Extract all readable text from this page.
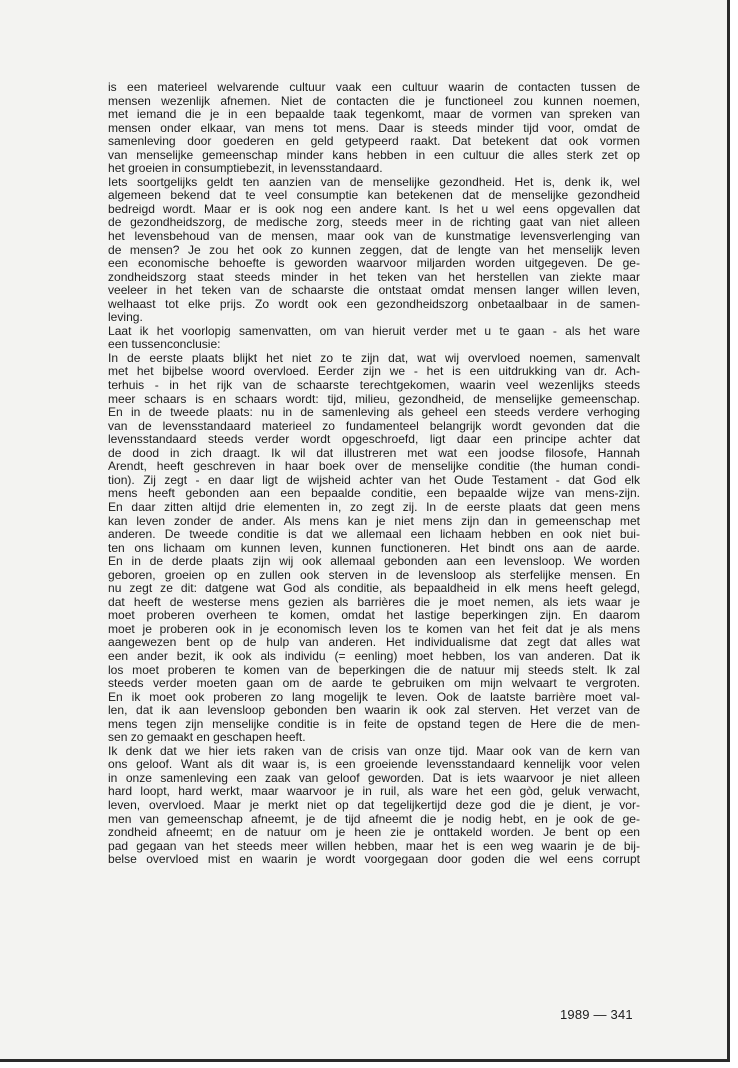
is een materieel welvarende cultuur vaak een cultuur waarin de contacten tussen de
mensen wezenlijk afnemen. Niet de contacten die je functioneel zou kunnen noemen,
met iemand die je in een bepaalde taak tegenkomt, maar de vormen van spreken van
mensen onder elkaar, van mens tot mens. Daar is steeds minder tijd voor, omdat de
samenleving door goederen en geld getypeerd raakt. Dat betekent dat ook vormen
van menselijke gemeenschap minder kans hebben in een cultuur die alles sterk zet op
het groeien in consumptiebezit, in levensstandaard.
Iets soortgelijks geldt ten aanzien van de menselijke gezondheid. Het is, denk ik, wel
algemeen bekend dat te veel consumptie kan betekenen dat de menselijke gezondheid
bedreigd wordt. Maar er is ook nog een andere kant. Is het u wel eens opgevallen dat
de gezondheidszorg, de medische zorg, steeds meer in de richting gaat van niet alleen
het levensbehoud van de mensen, maar ook van de kunstmatige levensverlenging van
de mensen? Je zou het ook zo kunnen zeggen, dat de lengte van het menselijk leven
een economische behoefte is geworden waarvoor miljarden worden uitgegeven. De ge-
zondheidszorg staat steeds minder in het teken van het herstellen van ziekte maar
veeleer in het teken van de schaarste die ontstaat omdat mensen langer willen leven,
welhaast tot elke prijs. Zo wordt ook een gezondheidszorg onbetaalbaar in de samen-
leving.
Laat ik het voorlopig samenvatten, om van hieruit verder met u te gaan - als het ware
een tussenconclusie:
In de eerste plaats blijkt het niet zo te zijn dat, wat wij overvloed noemen, samenvalt
met het bijbelse woord overvloed. Eerder zijn we - het is een uitdrukking van dr. Ach-
terhuis - in het rijk van de schaarste terechtgekomen, waarin veel wezenlijks steeds
meer schaars is en schaars wordt: tijd, milieu, gezondheid, de menselijke gemeenschap.
En in de tweede plaats: nu in de samenleving als geheel een steeds verdere verhoging
van de levensstandaard materieel zo fundamenteel belangrijk wordt gevonden dat die
levensstandaard steeds verder wordt opgeschroefd, ligt daar een principe achter dat
de dood in zich draagt. Ik wil dat illustreren met wat een joodse filosofe, Hannah
Arendt, heeft geschreven in haar boek over de menselijke conditie (the human condi-
tion). Zij zegt - en daar ligt de wijsheid achter van het Oude Testament - dat God elk
mens heeft gebonden aan een bepaalde conditie, een bepaalde wijze van mens-zijn.
En daar zitten altijd drie elementen in, zo zegt zij. In de eerste plaats dat geen mens
kan leven zonder de ander. Als mens kan je niet mens zijn dan in gemeenschap met
anderen. De tweede conditie is dat we allemaal een lichaam hebben en ook niet bui-
ten ons lichaam om kunnen leven, kunnen functioneren. Het bindt ons aan de aarde.
En in de derde plaats zijn wij ook allemaal gebonden aan een levensloop. We worden
geboren, groeien op en zullen ook sterven in de levensloop als sterfelijke mensen. En
nu zegt ze dit: datgene wat God als conditie, als bepaaldheid in elk mens heeft gelegd,
dat heeft de westerse mens gezien als barrières die je moet nemen, als iets waar je
moet proberen overheen te komen, omdat het lastige beperkingen zijn. En daarom
moet je proberen ook in je economisch leven los te komen van het feit dat je als mens
aangewezen bent op de hulp van anderen. Het individualisme dat zegt dat alles wat
een ander bezit, ik ook als individu (= eenling) moet hebben, los van anderen. Dat ik
los moet proberen te komen van de beperkingen die de natuur mij steeds stelt. Ik zal
steeds verder moeten gaan om de aarde te gebruiken om mijn welvaart te vergroten.
En ik moet ook proberen zo lang mogelijk te leven. Ook de laatste barrière moet val-
len, dat ik aan levensloop gebonden ben waarin ik ook zal sterven. Het verzet van de
mens tegen zijn menselijke conditie is in feite de opstand tegen de Here die de men-
sen zo gemaakt en geschapen heeft.
Ik denk dat we hier iets raken van de crisis van onze tijd. Maar ook van de kern van
ons geloof. Want als dit waar is, is een groeiende levensstandaard kennelijk voor velen
in onze samenleving een zaak van geloof geworden. Dat is iets waarvoor je niet alleen
hard loopt, hard werkt, maar waarvoor je in ruil, als ware het een gòd, geluk verwacht,
leven, overvloed. Maar je merkt niet op dat tegelijkertijd deze god die je dient, je vor-
men van gemeenschap afneemt, je de tijd afneemt die je nodig hebt, en je ook de ge-
zondheid afneemt; en de natuur om je heen zie je onttakeld worden. Je bent op een
pad gegaan van het steeds meer willen hebben, maar het is een weg waarin je de bij-
belse overvloed mist en waarin je wordt voorgegaan door goden die wel eens corrupt
1989 — 341
